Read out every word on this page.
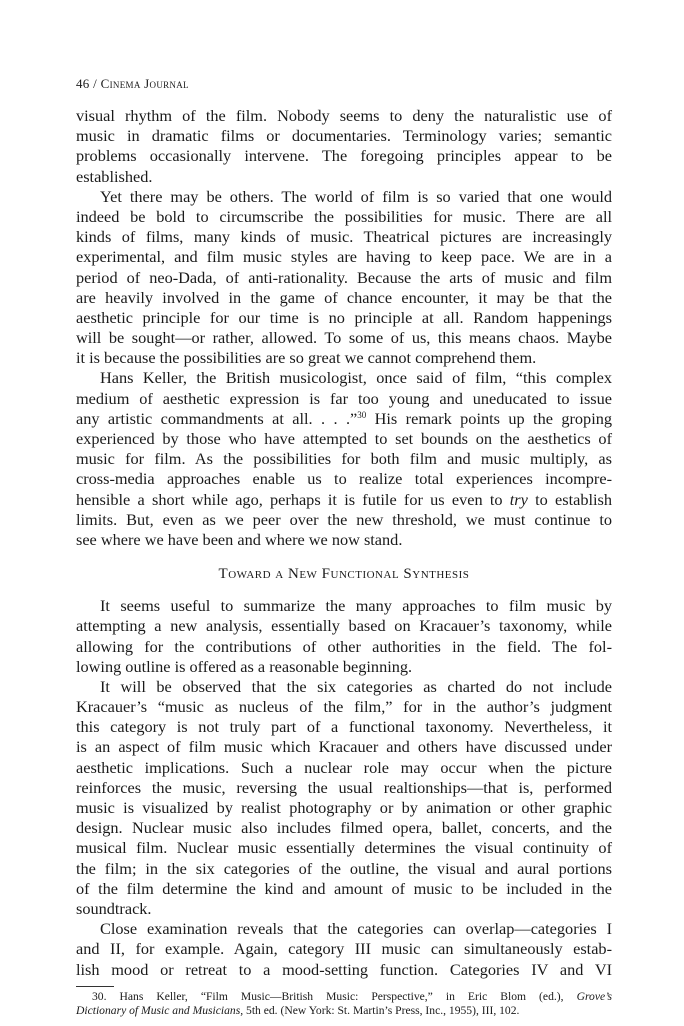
46 / Cinema Journal
visual rhythm of the film. Nobody seems to deny the naturalistic use of
music in dramatic films or documentaries. Terminology varies; semantic
problems occasionally intervene. The foregoing principles appear to be
established.
Yet there may be others. The world of film is so varied that one would
indeed be bold to circumscribe the possibilities for music. There are all
kinds of films, many kinds of music. Theatrical pictures are increasingly
experimental, and film music styles are having to keep pace. We are in a
period of neo-Dada, of anti-rationality. Because the arts of music and film
are heavily involved in the game of chance encounter, it may be that the
aesthetic principle for our time is no principle at all. Random happenings
will be sought—or rather, allowed. To some of us, this means chaos. Maybe
it is because the possibilities are so great we cannot comprehend them.
Hans Keller, the British musicologist, once said of film, “this complex
medium of aesthetic expression is far too young and uneducated to issue
any artistic commandments at all. . . .”$^{30}$ His remark points up the groping
experienced by those who have attempted to set bounds on the aesthetics of
music for film. As the possibilities for both film and music multiply, as
cross-media approaches enable us to realize total experiences incompre-
hensible a short while ago, perhaps it is futile for us even to try to establish
limits. But, even as we peer over the new threshold, we must continue to
see where we have been and where we now stand.
Toward a New Functional Synthesis
It seems useful to summarize the many approaches to film music by
attempting a new analysis, essentially based on Kracauer’s taxonomy, while
allowing for the contributions of other authorities in the field. The fol-
lowing outline is offered as a reasonable beginning.
It will be observed that the six categories as charted do not include
Kracauer’s “music as nucleus of the film,” for in the author’s judgment
this category is not truly part of a functional taxonomy. Nevertheless, it
is an aspect of film music which Kracauer and others have discussed under
aesthetic implications. Such a nuclear role may occur when the picture
reinforces the music, reversing the usual realtionships—that is, performed
music is visualized by realist photography or by animation or other graphic
design. Nuclear music also includes filmed opera, ballet, concerts, and the
musical film. Nuclear music essentially determines the visual continuity of
the film; in the six categories of the outline, the visual and aural portions
of the film determine the kind and amount of music to be included in the
soundtrack.
Close examination reveals that the categories can overlap—categories I
and II, for example. Again, category III music can simultaneously estab-
lish mood or retreat to a mood-setting function. Categories IV and VI
30. Hans Keller, “Film Music—British Music: Perspective,” in Eric Blom (ed.), Grove’s
Dictionary of Music and Musicians, 5th ed. (New York: St. Martin’s Press, Inc., 1955), III, 102.
